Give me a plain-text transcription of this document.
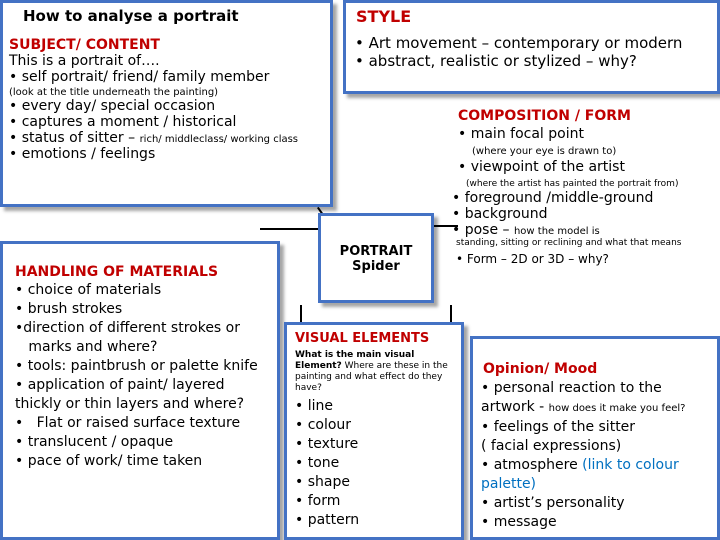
How to analyse a portrait
SUBJECT/ CONTENT
This is a portrait of….
• self portrait/ friend/ family member
(look at the title underneath the painting)
• every day/ special occasion
• captures a moment / historical
• status of sitter – rich/ middleclass/ working class
• emotions / feelings
STYLE
• Art movement – contemporary or modern
• abstract, realistic or stylized – why?
COMPOSITION / FORM
• main focal point
(where your eye is drawn to)
• viewpoint of the artist
(where the artist has painted the portrait from)
• foreground /middle-ground
• background
• pose – how the model is
standing, sitting or reclining and what that means
• Form – 2D or 3D – why?
PORTRAIT
Spider
HANDLING OF MATERIALS
• choice of materials
• brush strokes
•direction of different strokes or
marks and where?
• tools: paintbrush or palette knife
• application of paint/ layered
thickly or thin layers and where?
•   Flat or raised surface texture
• translucent / opaque
• pace of work/ time taken
VISUAL ELEMENTS
What is the main visual Element? Where are these in the painting and what effect do they have?
• line
• colour
• texture
• tone
• shape
• form
• pattern
Opinion/ Mood
• personal reaction to the
artwork - how does it make you feel?
• feelings of the sitter
( facial expressions)
• atmosphere (link to colour
palette)
• artist’s personality
• message
